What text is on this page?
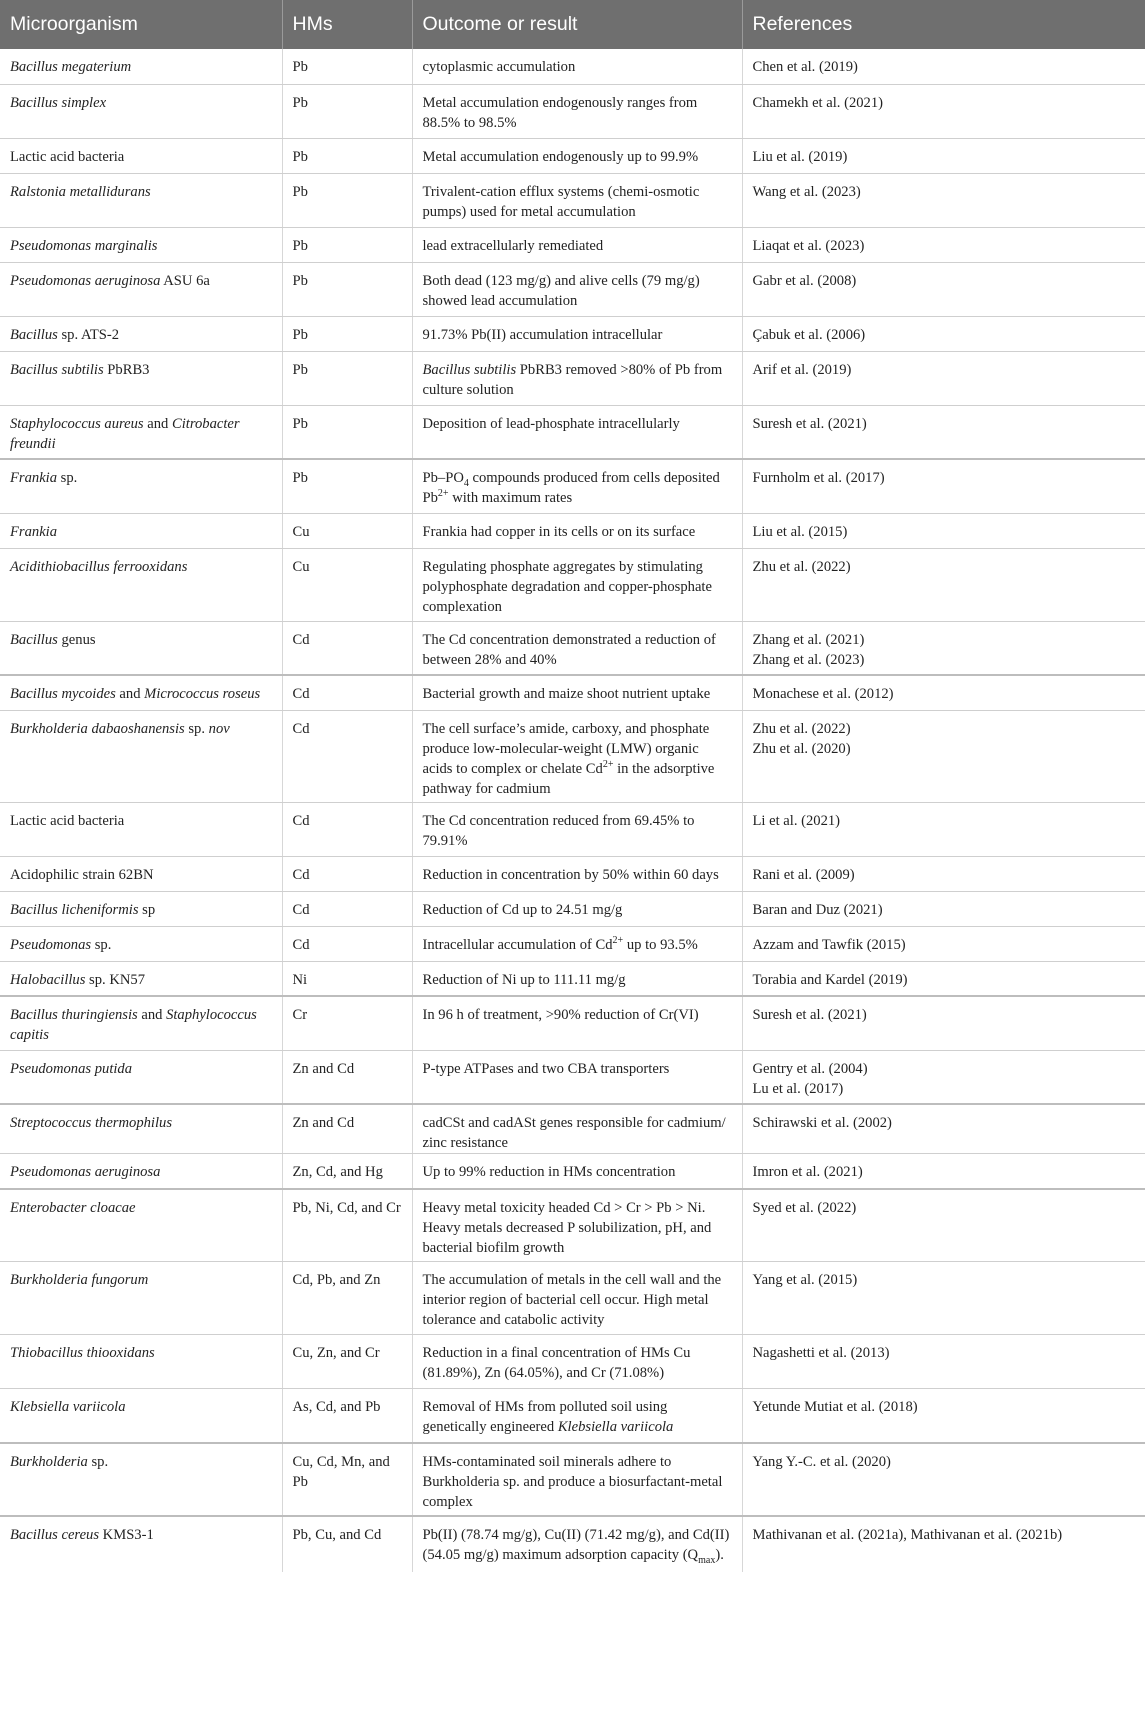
Microorganism	HMs	Outcome or result	References
Bacillus megaterium	Pb	cytoplasmic accumulation	Chen et al. (2019)

Bacillus simplex	Pb	Metal accumulation endogenously ranges from 88.5% to 98.5%	Chamekh et al. (2021)

Lactic acid bacteria	Pb	Metal accumulation endogenously up to 99.9%	Liu et al. (2019)

Ralstonia metallidurans	Pb	Trivalent-cation efflux systems (chemi-osmotic pumps) used for metal accumulation	Wang et al. (2023)

Pseudomonas marginalis	Pb	lead extracellularly remediated	Liaqat et al. (2023)

Pseudomonas aeruginosa ASU 6a	Pb	Both dead (123 mg/g) and alive cells (79 mg/g) showed lead accumulation	Gabr et al. (2008)

Bacillus sp. ATS-2	Pb	91.73% Pb(II) accumulation intracellular	Çabuk et al. (2006)

Bacillus subtilis PbRB3	Pb	Bacillus subtilis PbRB3 removed >80% of Pb from culture solution	Arif et al. (2019)

Staphylococcus aureus and Citrobacter freundii	Pb	Deposition of lead-phosphate intracellularly	Suresh et al. (2021)

Frankia sp.	Pb	$Pb-PO_4$ compounds produced from cells deposited $Pb^{2+}$ with maximum rates	Furnholm et al. (2017)

Frankia	Cu	Frankia had copper in its cells or on its surface	Liu et al. (2015)

Acidithiobacillus ferrooxidans	Cu	Regulating phosphate aggregates by stimulating polyphosphate degradation and copper-phosphate complexation	Zhu et al. (2022)

Bacillus genus	Cd	The Cd concentration demonstrated a reduction of between 28% and 40%	Zhang et al. (2021)
Zhang et al. (2023)

Bacillus mycoides and Micrococcus roseus	Cd	Bacterial growth and maize shoot nutrient uptake	Monachese et al. (2012)

Burkholderia dabaoshanensis sp. nov	Cd	The cell surface’s amide, carboxy, and phosphate produce low-molecular-weight (LMW) organic acids to complex or chelate $Cd^{2+}$ in the adsorptive pathway for cadmium	Zhu et al. (2022)
Zhu et al. (2020)

Lactic acid bacteria	Cd	The Cd concentration reduced from 69.45% to 79.91%	Li et al. (2021)

Acidophilic strain 62BN	Cd	Reduction in concentration by 50% within 60 days	Rani et al. (2009)

Bacillus licheniformis sp	Cd	Reduction of Cd up to 24.51 mg/g	Baran and Duz (2021)

Pseudomonas sp.	Cd	Intracellular accumulation of $Cd^{2+}$ up to 93.5%	Azzam and Tawfik (2015)

Halobacillus sp. KN57	Ni	Reduction of Ni up to 111.11 mg/g	Torabia and Kardel (2019)

Bacillus thuringiensis and Staphylococcus capitis	Cr	In 96 h of treatment, >90% reduction of Cr(VI)	Suresh et al. (2021)

Pseudomonas putida	Zn and Cd	P-type ATPases and two CBA transporters	Gentry et al. (2004)
Lu et al. (2017)

Streptococcus thermophilus	Zn and Cd	cadCSt and cadASt genes responsible for cadmium/ zinc resistance	Schirawski et al. (2002)

Pseudomonas aeruginosa	Zn, Cd, and Hg	Up to 99% reduction in HMs concentration	Imron et al. (2021)

Enterobacter cloacae	Pb, Ni, Cd, and Cr	Heavy metal toxicity headed Cd > Cr > Pb > Ni. Heavy metals decreased P solubilization, pH, and bacterial biofilm growth	Syed et al. (2022)

Burkholderia fungorum	Cd, Pb, and Zn	The accumulation of metals in the cell wall and the interior region of bacterial cell occur. High metal tolerance and catabolic activity	Yang et al. (2015)

Thiobacillus thiooxidans	Cu, Zn, and Cr	Reduction in a final concentration of HMs Cu (81.89%), Zn (64.05%), and Cr (71.08%)	Nagashetti et al. (2013)

Klebsiella variicola	As, Cd, and Pb	Removal of HMs from polluted soil using genetically engineered Klebsiella variicola	Yetunde Mutiat et al. (2018)

Burkholderia sp.	Cu, Cd, Mn, and Pb	HMs-contaminated soil minerals adhere to Burkholderia sp. and produce a biosurfactant-metal complex	Yang Y.-C. et al. (2020)

Bacillus cereus KMS3-1	Pb, Cu, and Cd	Pb(II) (78.74 mg/g), Cu(II) (71.42 mg/g), and Cd(II) (54.05 mg/g) maximum adsorption capacity $(Q_{max})$.	Mathivanan et al. (2021a), Mathivanan et al. (2021b)
